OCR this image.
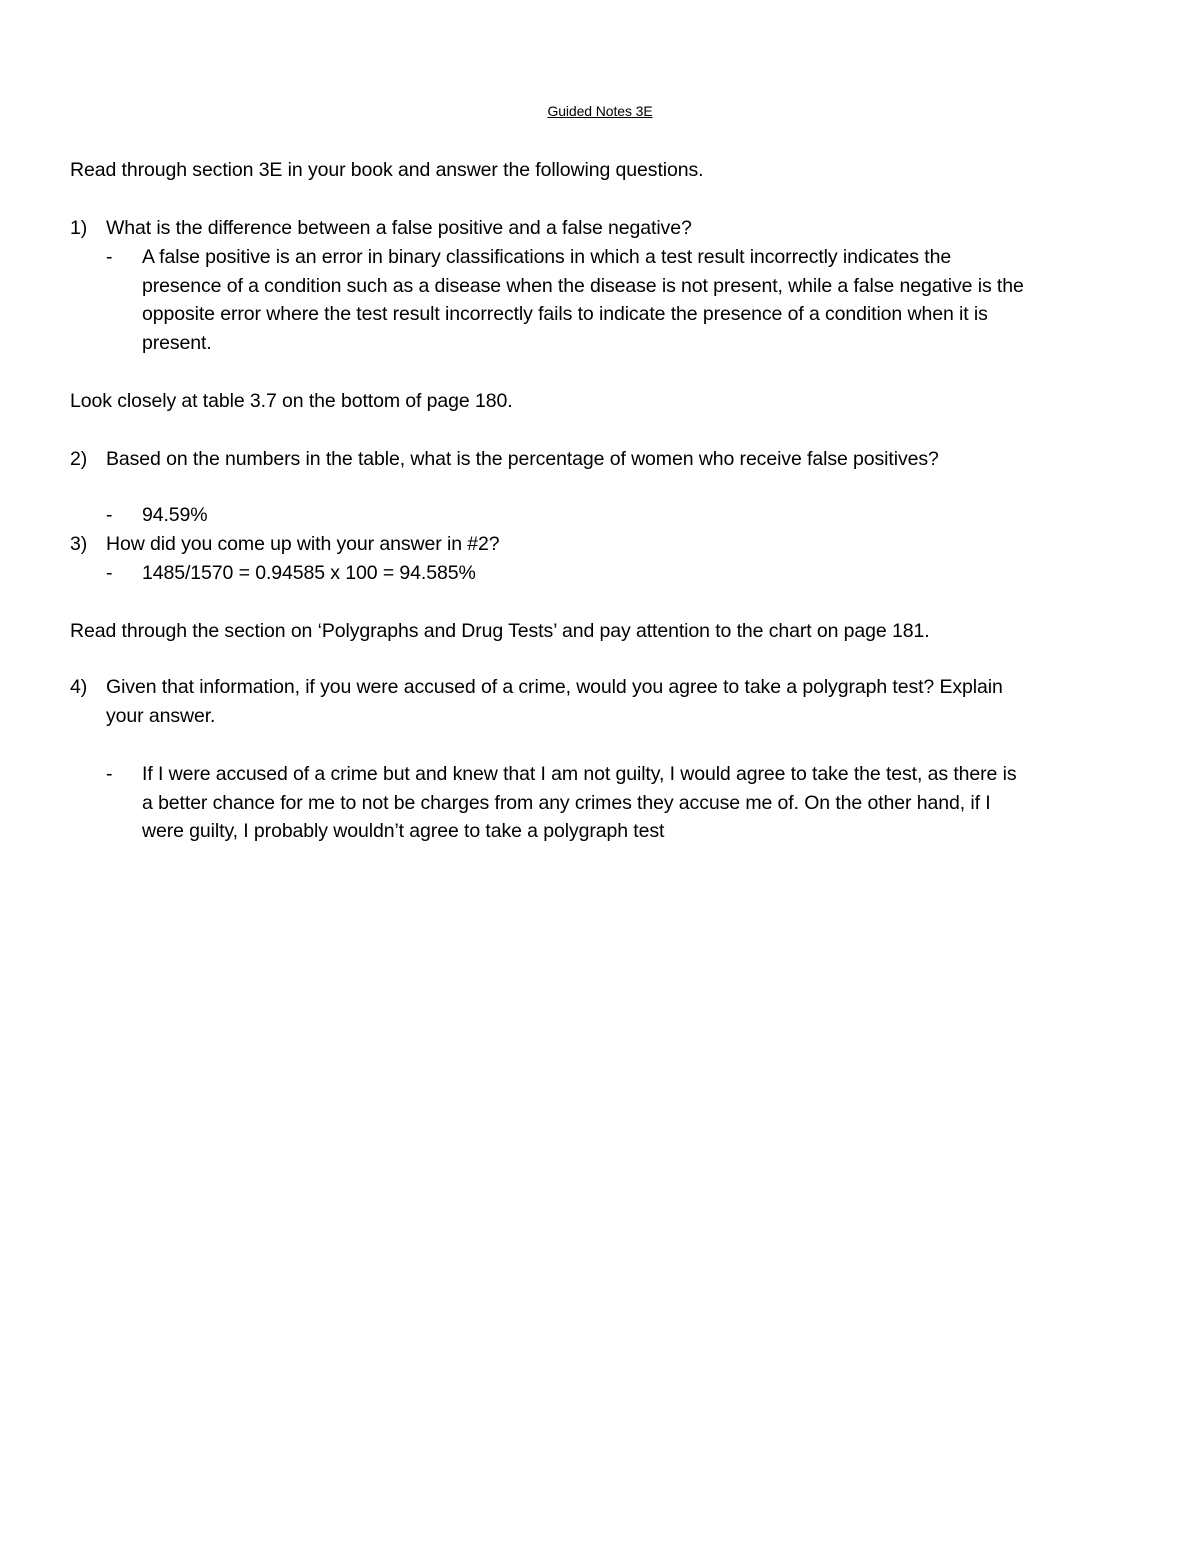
Guided Notes 3E
Read through section 3E in your book and answer the following questions.
1) What is the difference between a false positive and a false negative?
- A false positive is an error in binary classifications in which a test result incorrectly indicates the
presence of a condition such as a disease when the disease is not present, while a false negative is the
opposite error where the test result incorrectly fails to indicate the presence of a condition when it is
present.
Look closely at table 3.7 on the bottom of page 180.
2) Based on the numbers in the table, what is the percentage of women who receive false positives?
- 94.59%
3) How did you come up with your answer in #2?
- 1485/1570 = 0.94585 x 100 = 94.585%
Read through the section on ‘Polygraphs and Drug Tests’ and pay attention to the chart on page 181.
4) Given that information, if you were accused of a crime, would you agree to take a polygraph test? Explain
your answer.
- If I were accused of a crime but and knew that I am not guilty, I would agree to take the test, as there is
a better chance for me to not be charges from any crimes they accuse me of. On the other hand, if I
were guilty, I probably wouldn’t agree to take a polygraph test
